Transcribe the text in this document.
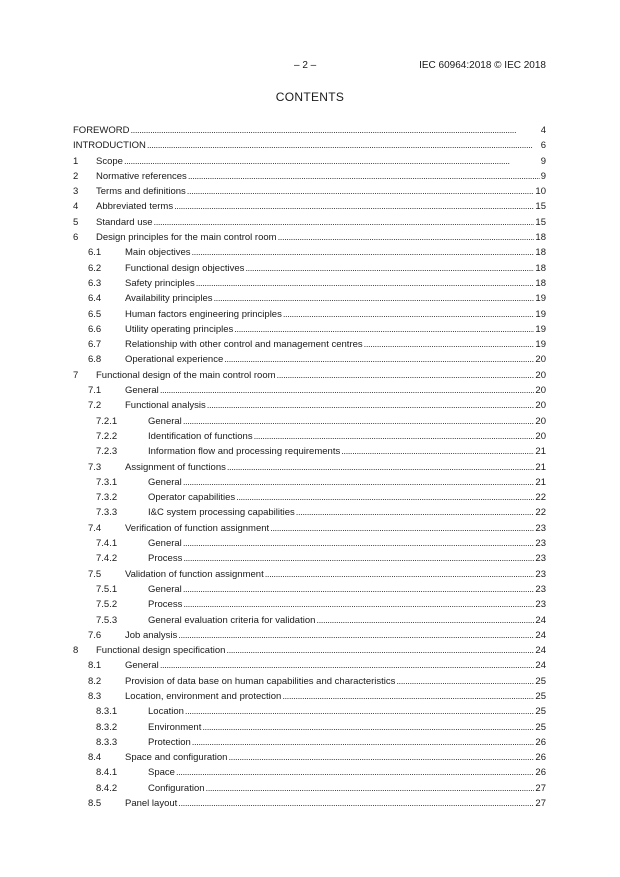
– 2 –	IEC 60964:2018 © IEC 2018
CONTENTS
FOREWORD . . .	4
INTRODUCTION . . .	6
1 Scope . . .	9
2 Normative references . . .	9
3 Terms and definitions . . .	10
4 Abbreviated terms . . .	15
5 Standard use . . .	15
6 Design principles for the main control room . . .	18
6.1	Main objectives . . .	18
6.2	Functional design objectives . . .	18
6.3	Safety principles . . .	18
6.4	Availability principles . . .	19
6.5	Human factors engineering principles . . .	19
6.6	Utility operating principles . . .	19
6.7	Relationship with other control and management centres . . .	19
6.8	Operational experience . . .	20
7 Functional design of the main control room . . .	20
7.1	General . . .	20
7.2	Functional analysis . . .	20
7.2.1	General . . .	20
7.2.2	Identification of functions . . .	20
7.2.3	Information flow and processing requirements . . .	21
7.3	Assignment of functions . . .	21
7.3.1	General . . .	21
7.3.2	Operator capabilities . . .	22
7.3.3	I&C system processing capabilities . . .	22
7.4	Verification of function assignment . . .	23
7.4.1	General . . .	23
7.4.2	Process . . .	23
7.5	Validation of function assignment . . .	23
7.5.1	General . . .	23
7.5.2	Process . . .	23
7.5.3	General evaluation criteria for validation . . .	24
7.6	Job analysis . . .	24
8 Functional design specification . . .	24
8.1	General . . .	24
8.2	Provision of data base on human capabilities and characteristics . . .	25
8.3	Location, environment and protection . . .	25
8.3.1	Location . . .	25
8.3.2	Environment . . .	25
8.3.3	Protection . . .	26
8.4	Space and configuration . . .	26
8.4.1	Space . . .	26
8.4.2	Configuration . . .	27
8.5	Panel layout . . .	27
